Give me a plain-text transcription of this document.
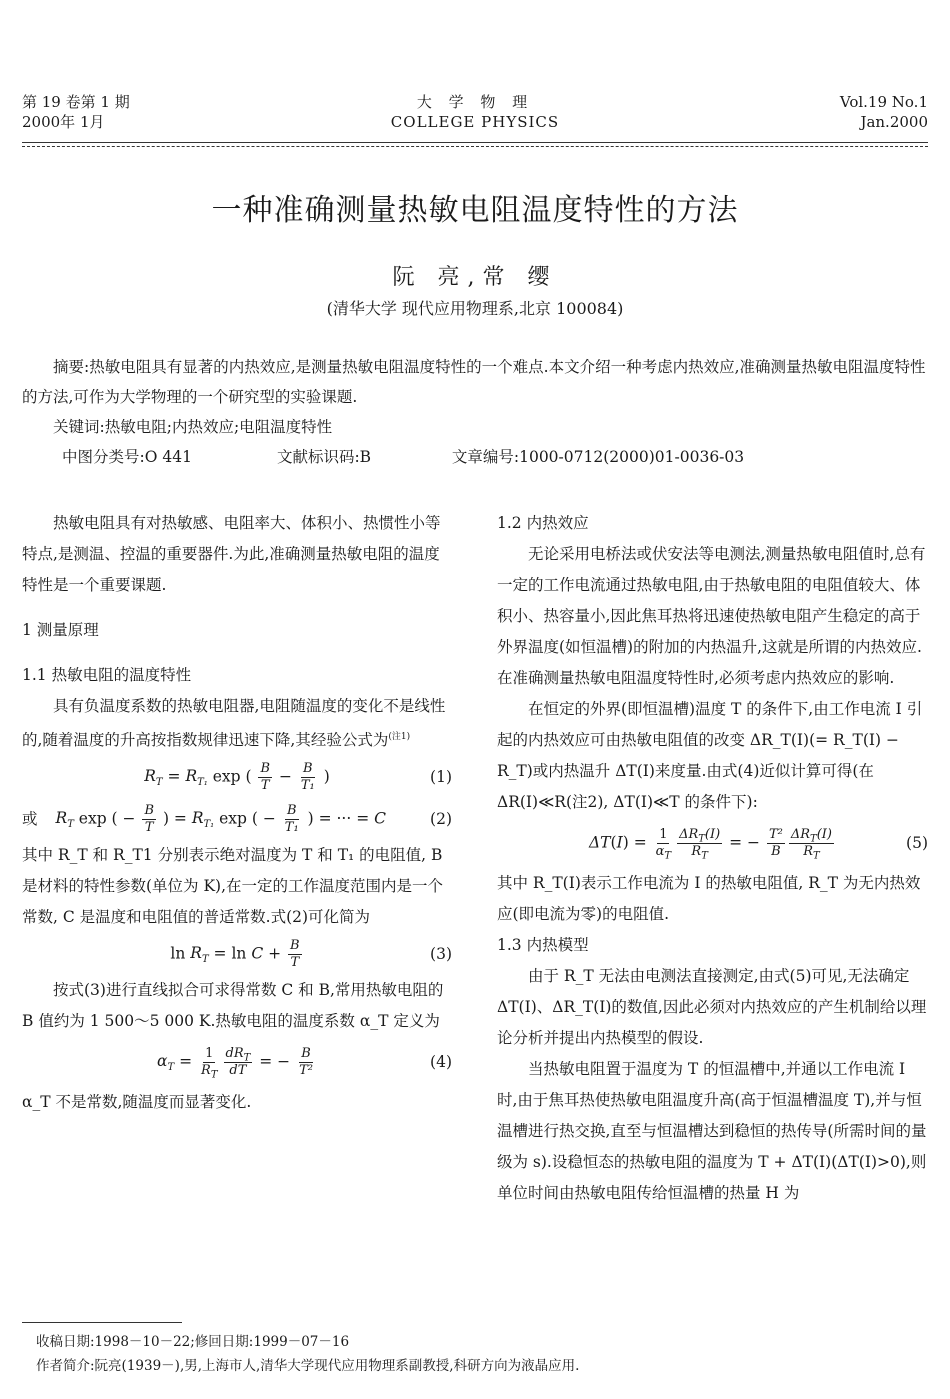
第 19 卷第 1 期
2000年 1月
大 学 物 理
COLLEGE PHYSICS
Vol.19 No.1
Jan.2000
一种准确测量热敏电阻温度特性的方法
阮 亮,常 缨
(清华大学 现代应用物理系,北京 100084)

摘要:热敏电阻具有显著的内热效应,是测量热敏电阻温度特性的一个难点.本文介绍一种考虑内热效应,准确测量热敏电阻温度特性的方法,可作为大学物理的一个研究型的实验课题.

关键词:热敏电阻;内热效应;电阻温度特性

中图分类号:O 441	文献标识码:B	文章编号:1000-0712(2000)01-0036-03

热敏电阻具有对热敏感、电阻率大、体积小、热惯性小等特点,是测温、控温的重要器件.为此,准确测量热敏电阻的温度特性是一个重要课题.

1 测量原理

1.1 热敏电阻的温度特性

具有负温度系数的热敏电阻器,电阻随温度的变化不是线性的,随着温度的升高按指数规律迅速下降,其经验公式为$^{(注1)}$

$R_T = R_{T_1}$ exp ( $\frac{B}{T} - \frac{B}{\text{T₁}}$ )	(1)
或 $R_T$ exp ( − $\frac{B}{T}$ ) = $R_{T_1}$ exp ( − $\frac{B}{\text{T₁}}$ ) = ··· = C	(2)

其中 R_T 和 R_T1 分别表示绝对温度为 T 和 T₁ 的电阻值, B 是材料的特性参数(单位为 K),在一定的工作温度范围内是一个常数, C 是温度和电阻值的普适常数.式(2)可化简为

$\ln R_T = \ln C + \frac{B}{T}$	(3)

按式(3)进行直线拟合可求得常数 C 和 B,常用热敏电阻的 B 值约为 1 500～5 000 K.热敏电阻的温度系数 α_T 定义为

$\alpha_T = \frac{1}{R_T} \frac{dR_T}{dT}$ = − $\frac{B}{\text{T²}}$	(4)

α_T 不是常数,随温度而显著变化.

1.2 内热效应

无论采用电桥法或伏安法等电测法,测量热敏电阻值时,总有一定的工作电流通过热敏电阻,由于热敏电阻的电阻值较大、体积小、热容量小,因此焦耳热将迅速使热敏电阻产生稳定的高于外界温度(如恒温槽)的附加的内热温升,这就是所谓的内热效应.在准确测量热敏电阻温度特性时,必须考虑内热效应的影响.

在恒定的外界(即恒温槽)温度 T 的条件下,由工作电流 I 引起的内热效应可由热敏电阻值的改变 ΔR_T(I)(= R_T(I) − R_T)或内热温升 ΔT(I)来度量.由式(4)近似计算可得(在 ΔR(I)≪R(注2), ΔT(I)≪T 的条件下):

$\Delta T(I) = \frac{1}{\alpha_T} \frac{\Delta R_T(I)}{R_T}$ = − $\frac{\text{T²}}{B} \frac{\Delta R_T(I)}{R_T}$	(5)

其中 R_T(I)表示工作电流为 I 的热敏电阻值, R_T 为无内热效应(即电流为零)的电阻值.

1.3 内热模型

由于 R_T 无法由电测法直接测定,由式(5)可见,无法确定 ΔT(I)、ΔR_T(I)的数值,因此必须对内热效应的产生机制给以理论分析并提出内热模型的假设.

当热敏电阻置于温度为 T 的恒温槽中,并通以工作电流 I 时,由于焦耳热使热敏电阻温度升高(高于恒温槽温度 T),并与恒温槽进行热交换,直至与恒温槽达到稳恒的热传导(所需时间的量级为 s).设稳恒态的热敏电阻的温度为 T + ΔT(I)(ΔT(I)>0),则单位时间由热敏电阻传给恒温槽的热量 H 为

收稿日期:1998－10－22;修回日期:1999－07－16
作者简介:阮亮(1939－),男,上海市人,清华大学现代应用物理系副教授,科研方向为液晶应用.
